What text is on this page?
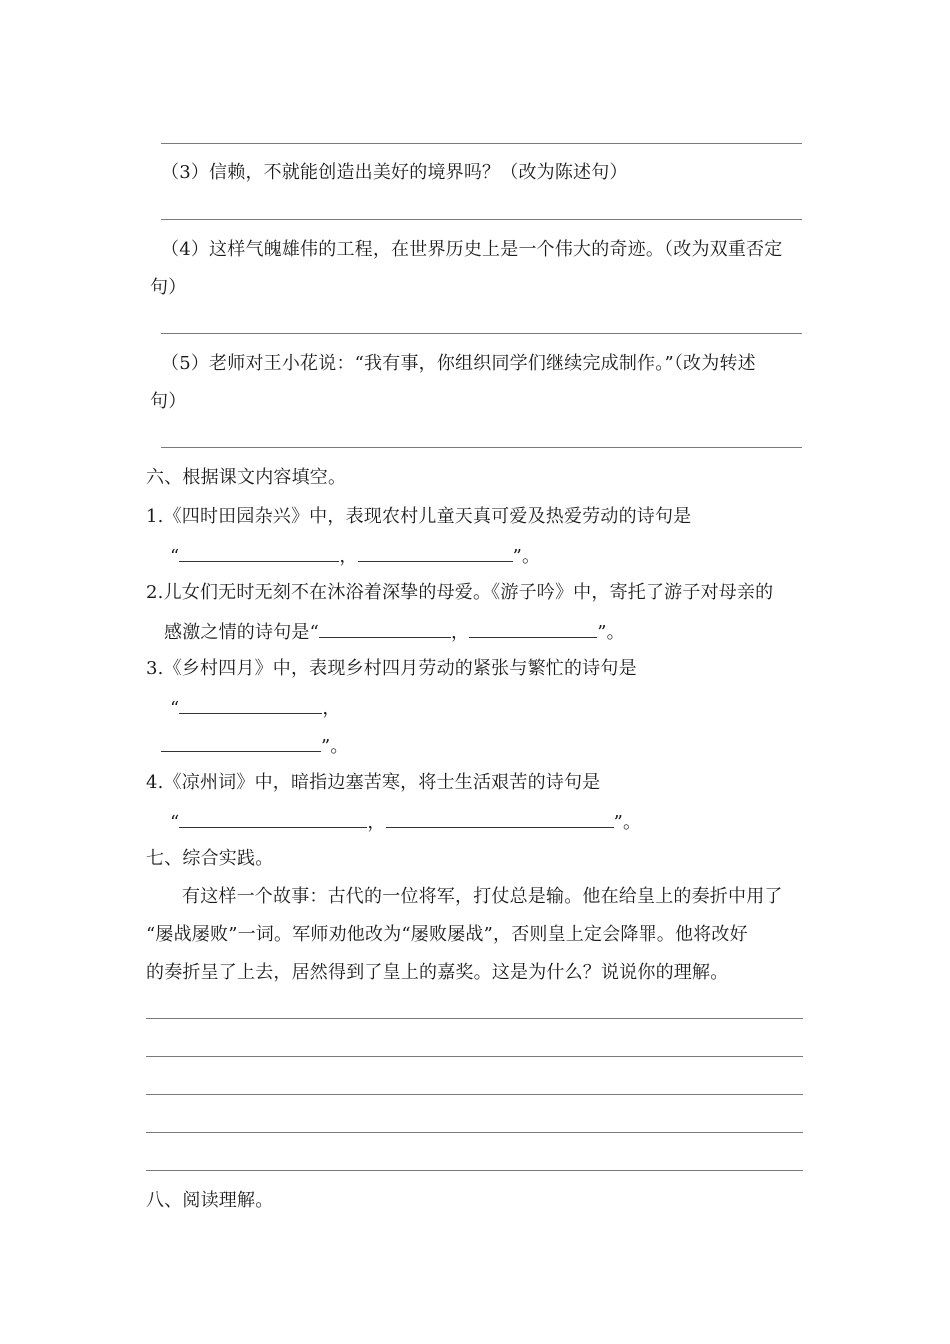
（3）信赖，不就能创造出美好的境界吗？（改为陈述句）
（4）这样气魄雄伟的工程，在世界历史上是一个伟大的奇迹。（改为双重否定
句）
（5）老师对王小花说：“我有事，你组织同学们继续完成制作。”（改为转述
句）
六、根据课文内容填空。
1.《四时田园杂兴》中，表现农村儿童天真可爱及热爱劳动的诗句是
“	，	”。
2.儿女们无时无刻不在沐浴着深挚的母爱。《游子吟》中，寄托了游子对母亲的
感激之情的诗句是“	，	”。
3.《乡村四月》中，表现乡村四月劳动的紧张与繁忙的诗句是
“	，
”。
4.《凉州词》中，暗指边塞苦寒，将士生活艰苦的诗句是
“	，	”。
七、综合实践。
有这样一个故事：古代的一位将军，打仗总是输。他在给皇上的奏折中用了
“屡战屡败”一词。军师劝他改为“屡败屡战”，否则皇上定会降罪。他将改好
的奏折呈了上去，居然得到了皇上的嘉奖。这是为什么？说说你的理解。
八、阅读理解。
